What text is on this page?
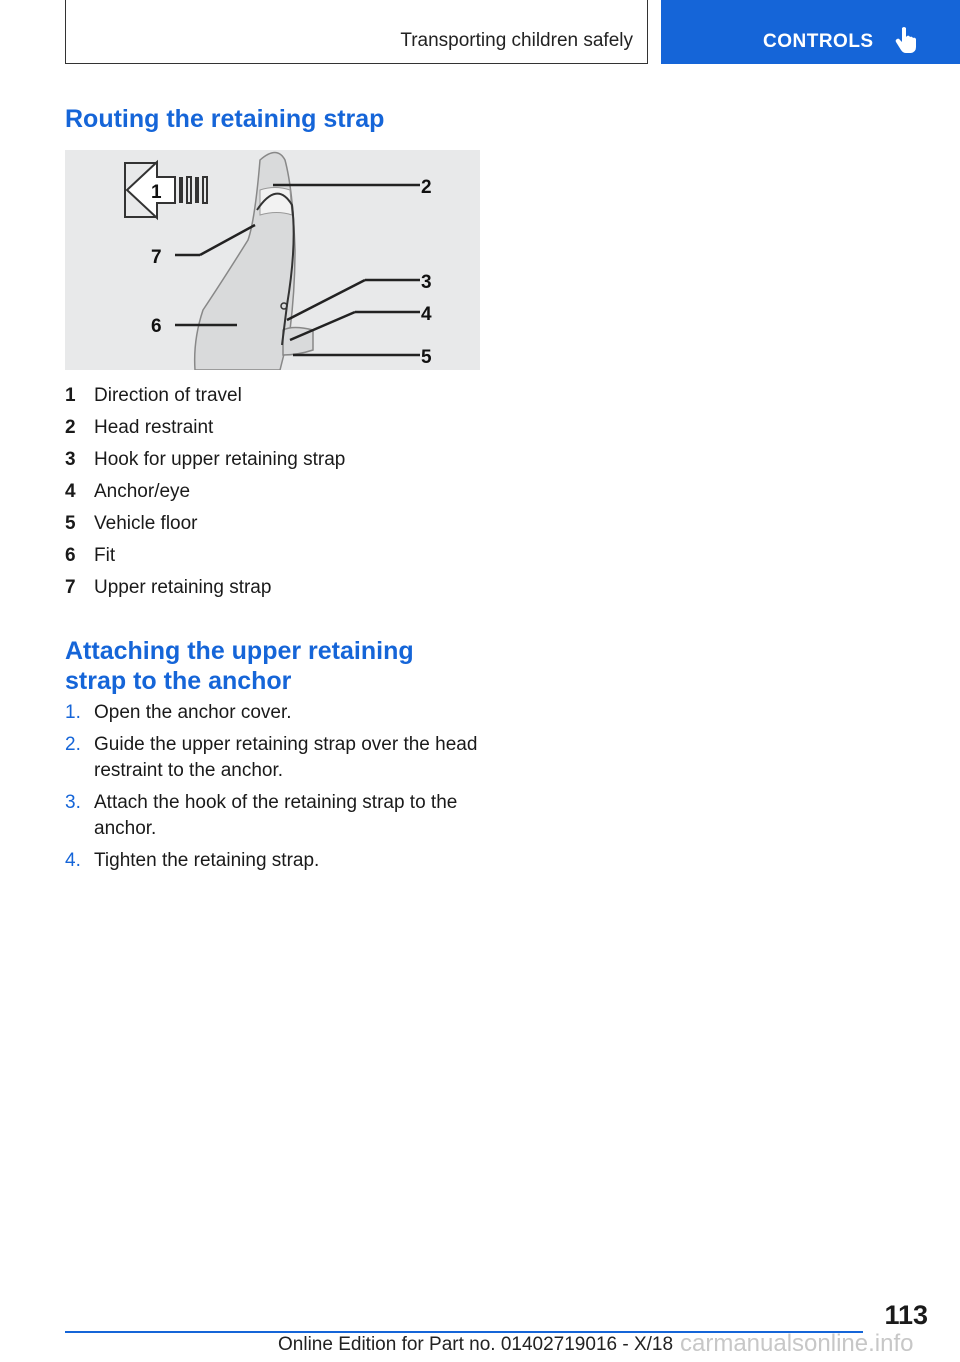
Transporting children safely	CONTROLS
Routing the retaining strap
1	2
3
4
5
6
7
1 Direction of travel
2 Head restraint
3 Hook for upper retaining strap
4 Anchor/eye
5 Vehicle floor
6 Fit
7 Upper retaining strap
Attaching the upper retaining
strap to the anchor
1. Open the anchor cover.
2. Guide the upper retaining strap over the head restraint to the anchor.
3. Attach the hook of the retaining strap to the anchor.
4. Tighten the retaining strap.
113
carmanualsonline.info
Online Edition for Part no. 01402719016 - X/18
